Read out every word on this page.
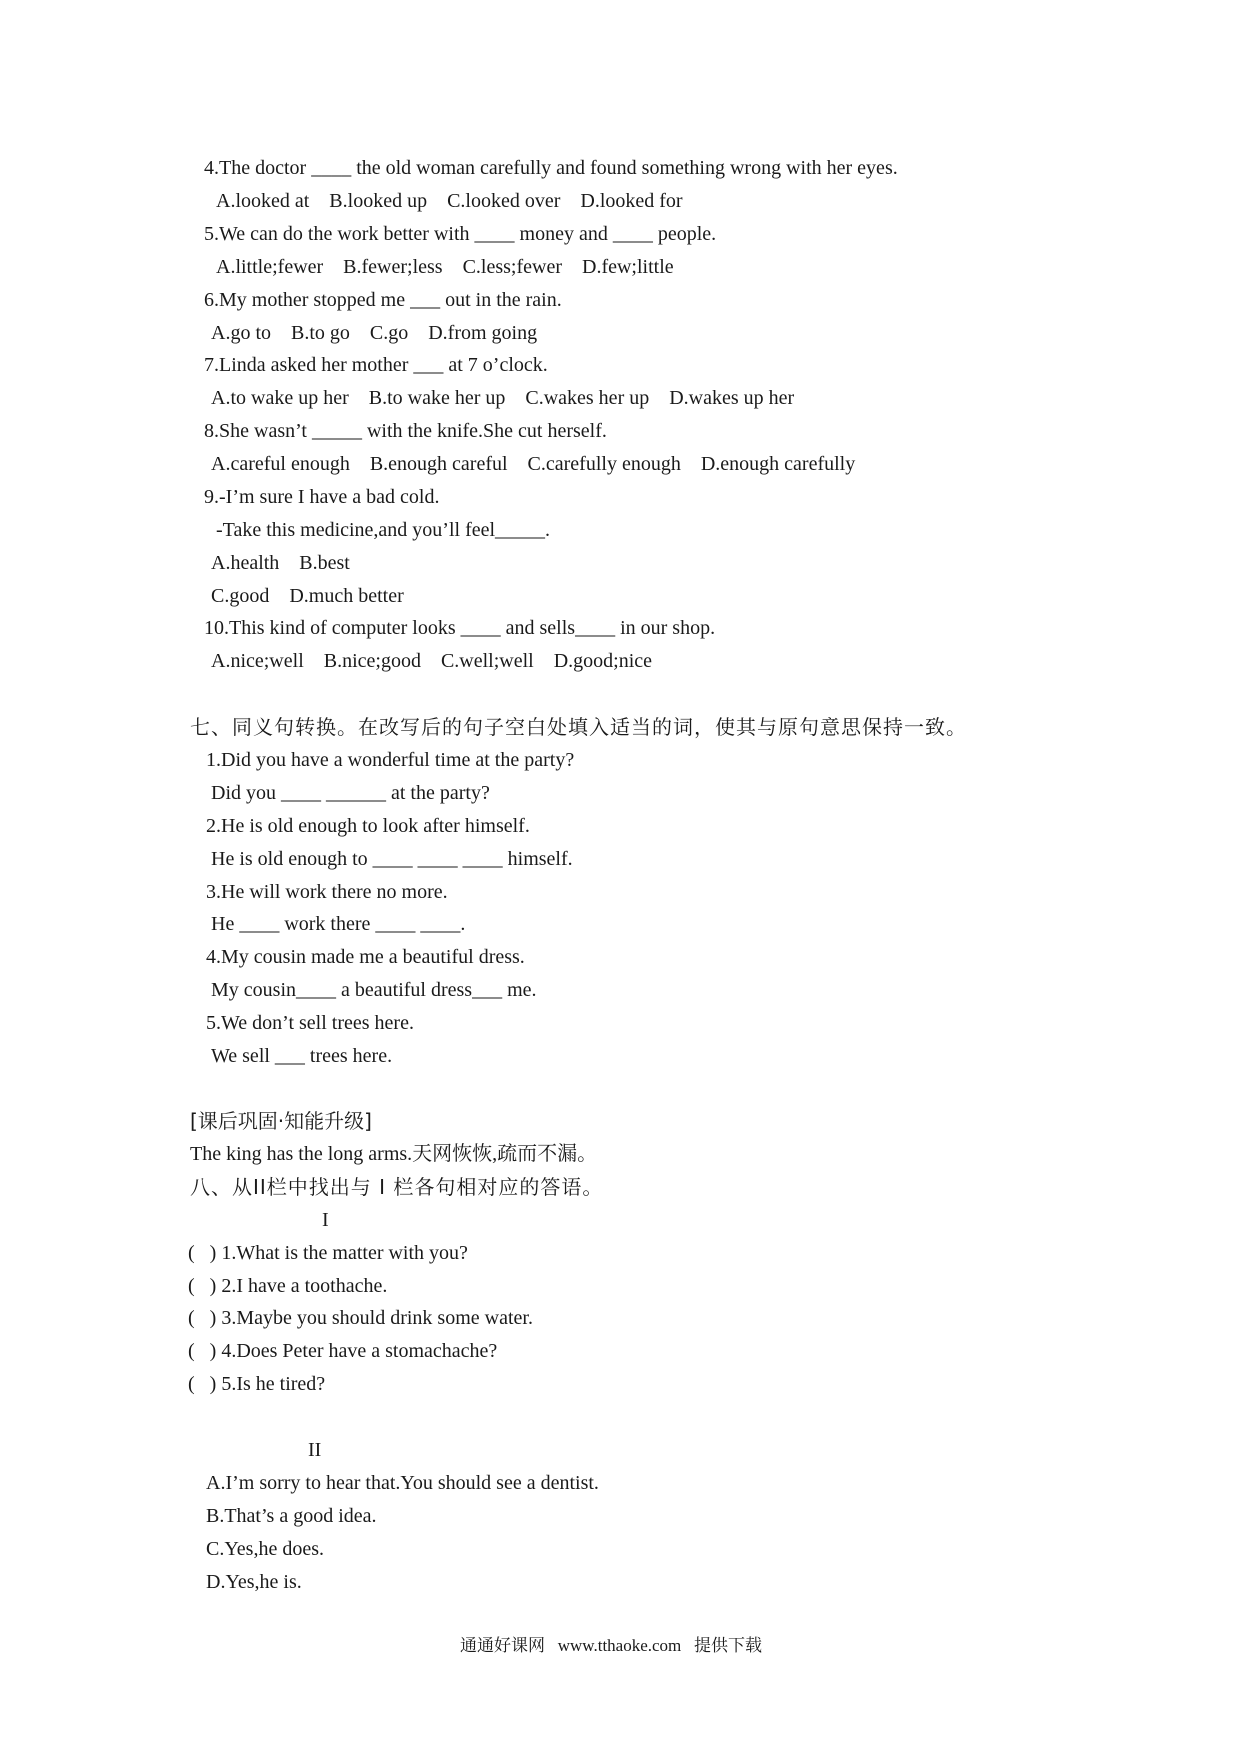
4.The doctor ____ the old woman carefully and found something wrong with her eyes.
A.looked at    B.looked up    C.looked over    D.looked for
5.We can do the work better with ____ money and ____ people.
A.little;fewer    B.fewer;less    C.less;fewer    D.few;little
6.My mother stopped me ___ out in the rain.
A.go to    B.to go    C.go    D.from going
7.Linda asked her mother ___ at 7 o’clock.
A.to wake up her    B.to wake her up    C.wakes her up    D.wakes up her
8.She wasn’t _____ with the knife.She cut herself.
A.careful enough    B.enough careful    C.carefully enough    D.enough carefully
9.-I’m sure I have a bad cold.
-Take this medicine,and you’ll feel_____.
A.health    B.best
C.good    D.much better
10.This kind of computer looks ____ and sells____ in our shop.
A.nice;well    B.nice;good    C.well;well    D.good;nice
七、同义句转换。在改写后的句子空白处填入适当的词，使其与原句意思保持一致。
1.Did you have a wonderful time at the party?
Did you ____ ______ at the party?
2.He is old enough to look after himself.
He is old enough to ____ ____ ____ himself.
3.He will work there no more.
He ____ work there ____ ____.
4.My cousin made me a beautiful dress.
My cousin____ a beautiful dress___ me.
5.We don’t sell trees here.
We sell ___ trees here.
[课后巩固·知能升级]
The king has the long arms.天网恢恢,疏而不漏。
八、从II栏中找出与 I 栏各句相对应的答语。
I
(   ) 1.What is the matter with you?
(   ) 2.I have a toothache.
(   ) 3.Maybe you should drink some water.
(   ) 4.Does Peter have a stomachache?
(   ) 5.Is he tired?
II
A.I’m sorry to hear that.You should see a dentist.
B.That’s a good idea.
C.Yes,he does.
D.Yes,he is.
通通好课网   www.tthaoke.com   提供下载
